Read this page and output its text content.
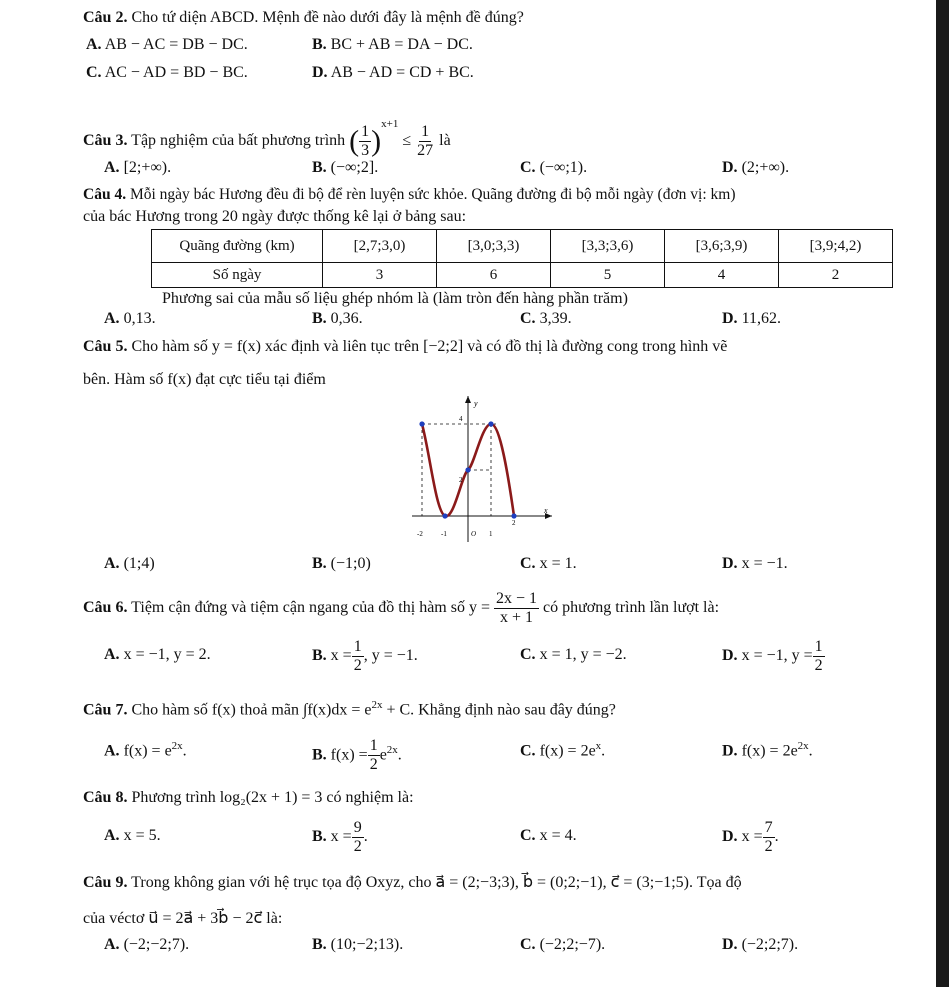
Câu 2. Cho tứ diện ABCD. Mệnh đề nào dưới đây là mệnh đề đúng?
A. AB − AC = DB − DC.	B. BC + AB = DA − DC.
C. AC − AD = BD − BC.	D. AB − AD = CD + BC.
Câu 3. Tập nghiệm của bất phương trình ( $\frac{1}{3} )^{x+1} \le \frac{1}{27}$ là
A. [2;+∞).	B. (−∞;2].	C. (−∞;1).	D. (2;+∞).
Câu 4. Mỗi ngày bác Hương đều đi bộ để rèn luyện sức khỏe. Quãng đường đi bộ mỗi ngày (đơn vị: km)
của bác Hương trong 20 ngày được thống kê lại ở bảng sau:
Quãng đường (km)	[2,7;3,0)	[3,0;3,3)	[3,3;3,6)	[3,6;3,9)	[3,9;4,2)
Số ngày	3	6	5	4	2
Phương sai của mẫu số liệu ghép nhóm là (làm tròn đến hàng phần trăm)
A. 0,13.	B. 0,36.	C. 3,39.	D. 11,62.
Câu 5. Cho hàm số y = f(x) xác định và liên tục trên [−2;2] và có đồ thị là đường cong trong hình vẽ
bên. Hàm số f(x) đạt cực tiểu tại điểm
y
x
4
2
-2	-1	O 1
2
A. (1;4)	B. (−1;0)	C. x = 1.	D. x = −1.
Câu 6. Tiệm cận đứng và tiệm cận ngang của đồ thị hàm số $y = \frac{2x - 1}{x + 1}$ có phương trình lần lượt là:
A. x = −1, y = 2.	B. $x = \frac{1}{2}$ , y = −1.	C. x = 1, y = −2.	D. x = −1, $y = \frac{1}{2}$
Câu 7. Cho hàm số f(x) thoả mãn $\int f(x)dx = e^{2x} + C$. Khẳng định nào sau đây đúng?
A. $f(x) = e^{2x}$.	B. $f(x) = \frac{1}{2} e^{2x}$.	C. $f(x) = 2e^x$.	D. $f(x) = 2e^{2x}$.
Câu 8. Phương trình log₂(2x + 1) = 3 có nghiệm là:
A. x = 5.	B. $x = \frac{9}{2}$ .	C. x = 4.	D. $x = \frac{7}{2}$ .
Câu 9. Trong không gian với hệ trục tọa độ Oxyz, cho a⃗ = (2;−3;3), b⃗ = (0;2;−1), c⃗ = (3;−1;5). Tọa độ
của véctơ u⃗ = 2a⃗ + 3b⃗ − 2c⃗ là:
A. (−2;−2;7).	B. (10;−2;13).	C. (−2;2;−7).	D. (−2;2;7).
